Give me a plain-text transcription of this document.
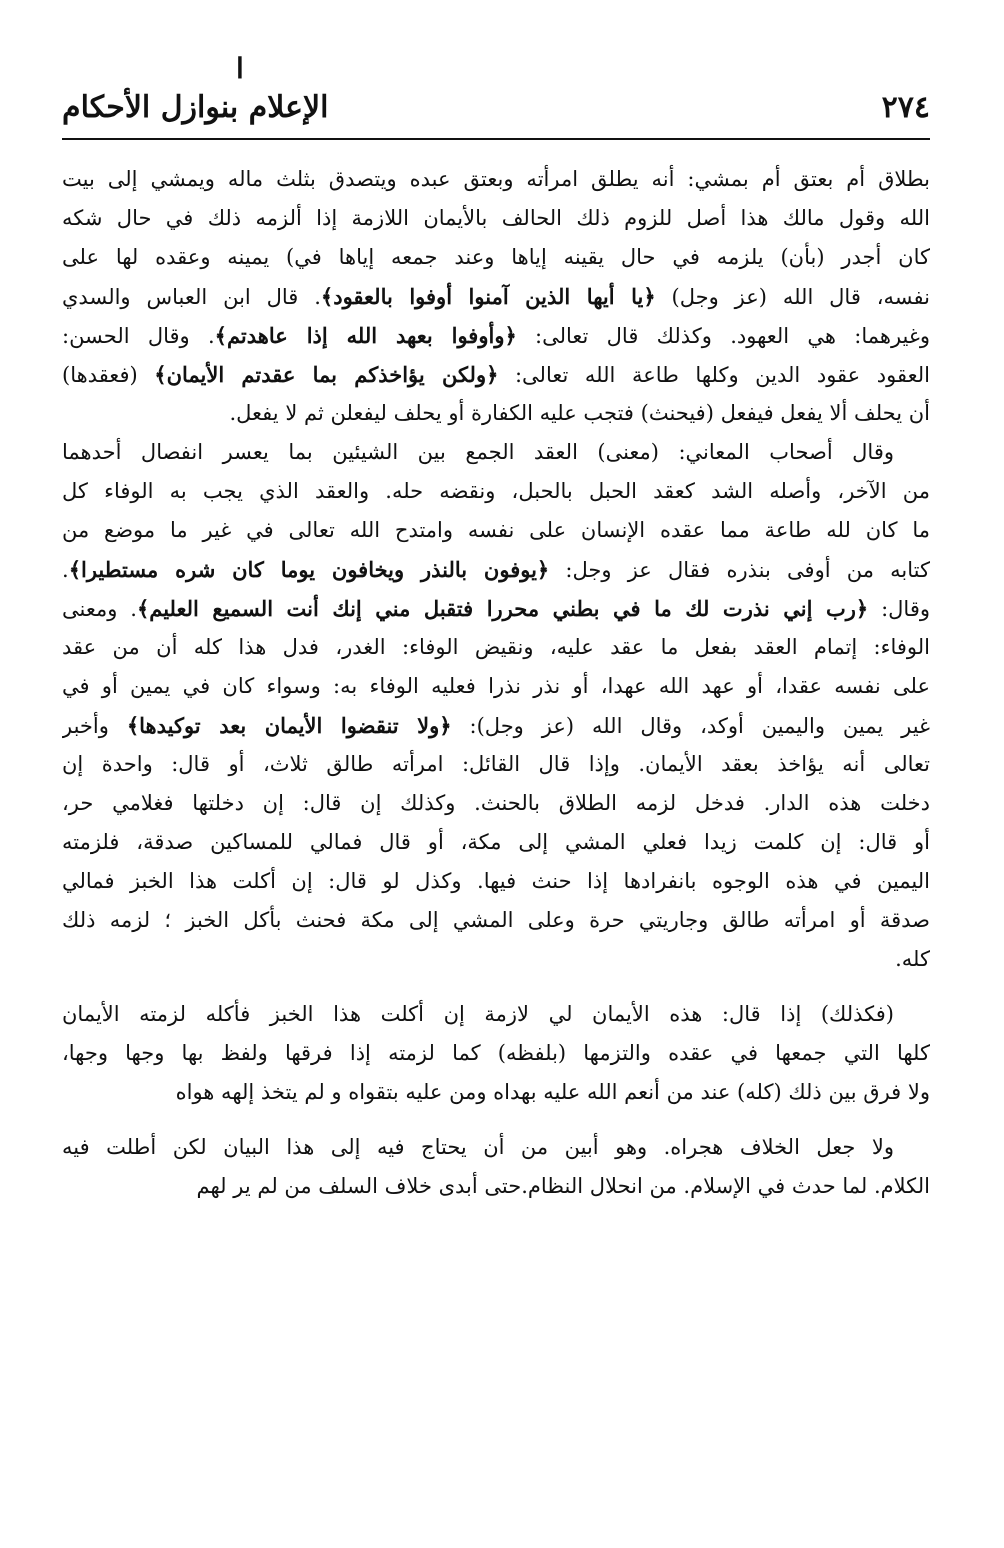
ا
٢٧٤
الإعلام بنوازل الأحكام
بطلاق أم بعتق أم بمشي: أنه يطلق امرأته وبعتق عبده ويتصدق بثلث ماله ويمشي إلى بيت
الله وقول مالك هذا أصل للزوم ذلك الحالف بالأيمان اللازمة إذا ألزمه ذلك في حال شكه
كان أجدر (بأن) يلزمه في حال يقينه إياها وعند جمعه إياها في) يمينه وعقده لها على
نفسه، قال الله (عز وجل) ﴿يا أيها الذين آمنوا أوفوا بالعقود﴾. قال ابن العباس والسدي
وغيرهما: هي العهود. وكذلك قال تعالى: ﴿وأوفوا بعهد الله إذا عاهدتم﴾. وقال الحسن:
العقود عقود الدين وكلها طاعة الله تعالى: ﴿ولكن يؤاخذكم بما عقدتم الأيمان﴾ (فعقدها)
أن يحلف ألا يفعل فيفعل (فيحنث) فتجب عليه الكفارة أو يحلف ليفعلن ثم لا يفعل.
وقال أصحاب المعاني: (معنى) العقد الجمع بين الشيئين بما يعسر انفصال أحدهما
من الآخر، وأصله الشد كعقد الحبل بالحبل، ونقضه حله. والعقد الذي يجب به الوفاء كل
ما كان لله طاعة مما عقده الإنسان على نفسه وامتدح الله تعالى في غير ما موضع من
كتابه من أوفى بنذره فقال عز وجل: ﴿يوفون بالنذر ويخافون يوما كان شره مستطيرا﴾.
وقال: ﴿رب إني نذرت لك ما في بطني محررا فتقبل مني إنك أنت السميع العليم﴾. ومعنى
الوفاء: إتمام العقد بفعل ما عقد عليه، ونقيض الوفاء: الغدر، فدل هذا كله أن من عقد
على نفسه عقدا، أو عهد الله عهدا، أو نذر نذرا فعليه الوفاء به: وسواء كان في يمين أو في
غير يمين واليمين أوكد، وقال الله (عز وجل): ﴿ولا تنقضوا الأيمان بعد توكيدها﴾ وأخبر
تعالى أنه يؤاخذ بعقد الأيمان. وإذا قال القائل: امرأته طالق ثلاث، أو قال: واحدة إن
دخلت هذه الدار. فدخل لزمه الطلاق بالحنث. وكذلك إن قال: إن دخلتها فغلامي حر،
أو قال: إن كلمت زيدا فعلي المشي إلى مكة، أو قال فمالي للمساكين صدقة، فلزمته
اليمين في هذه الوجوه بانفرادها إذا حنث فيها. وكذل لو قال: إن أكلت هذا الخبز فمالي
صدقة أو امرأته طالق وجاريتي حرة وعلى المشي إلى مكة فحنث بأكل الخبز ؛ لزمه ذلك
كله.
(فكذلك) إذا قال: هذه الأيمان لي لازمة إن أكلت هذا الخبز فأكله لزمته الأيمان
كلها التي جمعها في عقده والتزمها (بلفظه) كما لزمته إذا فرقها ولفظ بها وجها وجها،
ولا فرق بين ذلك (كله) عند من أنعم الله عليه بهداه ومن عليه بتقواه و لم يتخذ إلهه هواه
ولا جعل الخلاف هجراه. وهو أبين من أن يحتاج فيه إلى هذا البيان لكن أطلت فيه
الكلام. لما حدث في الإسلام. من انحلال النظام.حتى أبدى خلاف السلف من لم ير لهم
